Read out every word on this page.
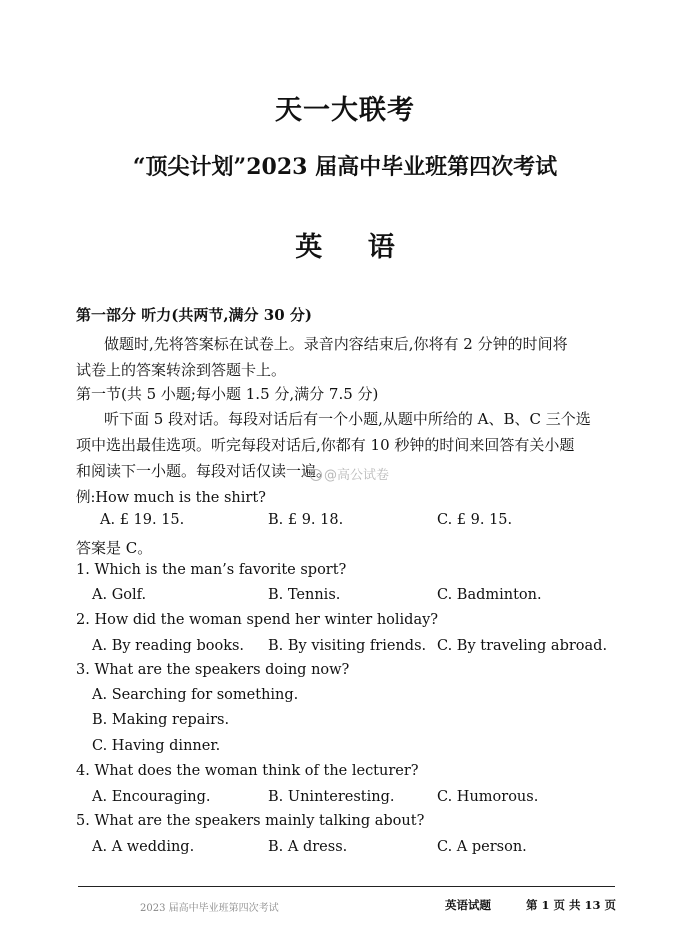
天一大联考
“顶尖计划”2023 届高中毕业班第四次考试
英 语
第一部分 听力(共两节,满分 30 分)
做题时,先将答案标在试卷上。录音内容结束后,你将有 2 分钟的时间将
试卷上的答案转涂到答题卡上。
第一节(共 5 小题;每小题 1.5 分,满分 7.5 分)
听下面 5 段对话。每段对话后有一个小题,从题中所给的 A、B、C 三个选
项中选出最佳选项。听完每段对话后,你都有 10 秒钟的时间来回答有关小题
和阅读下一小题。每段对话仅读一遍。
@高公试卷
例:How much is the shirt?
A. £ 19. 15.	B. £ 9. 18.	C. £ 9. 15.
答案是 C。
1. Which is the man’s favorite sport?
A. Golf.	B. Tennis.	C. Badminton.
2. How did the woman spend her winter holiday?
A. By reading books. B. By visiting friends. C. By traveling abroad.
3. What are the speakers doing now?
A. Searching for something.
B. Making repairs.
C. Having dinner.
4. What does the woman think of the lecturer?
A. Encouraging.	B. Uninteresting.	C. Humorous.
5. What are the speakers mainly talking about?
A. A wedding.	B. A dress.	C. A person.
2023 届高中毕业班第四次考试	英语试题	第 1 页 共 13 页
